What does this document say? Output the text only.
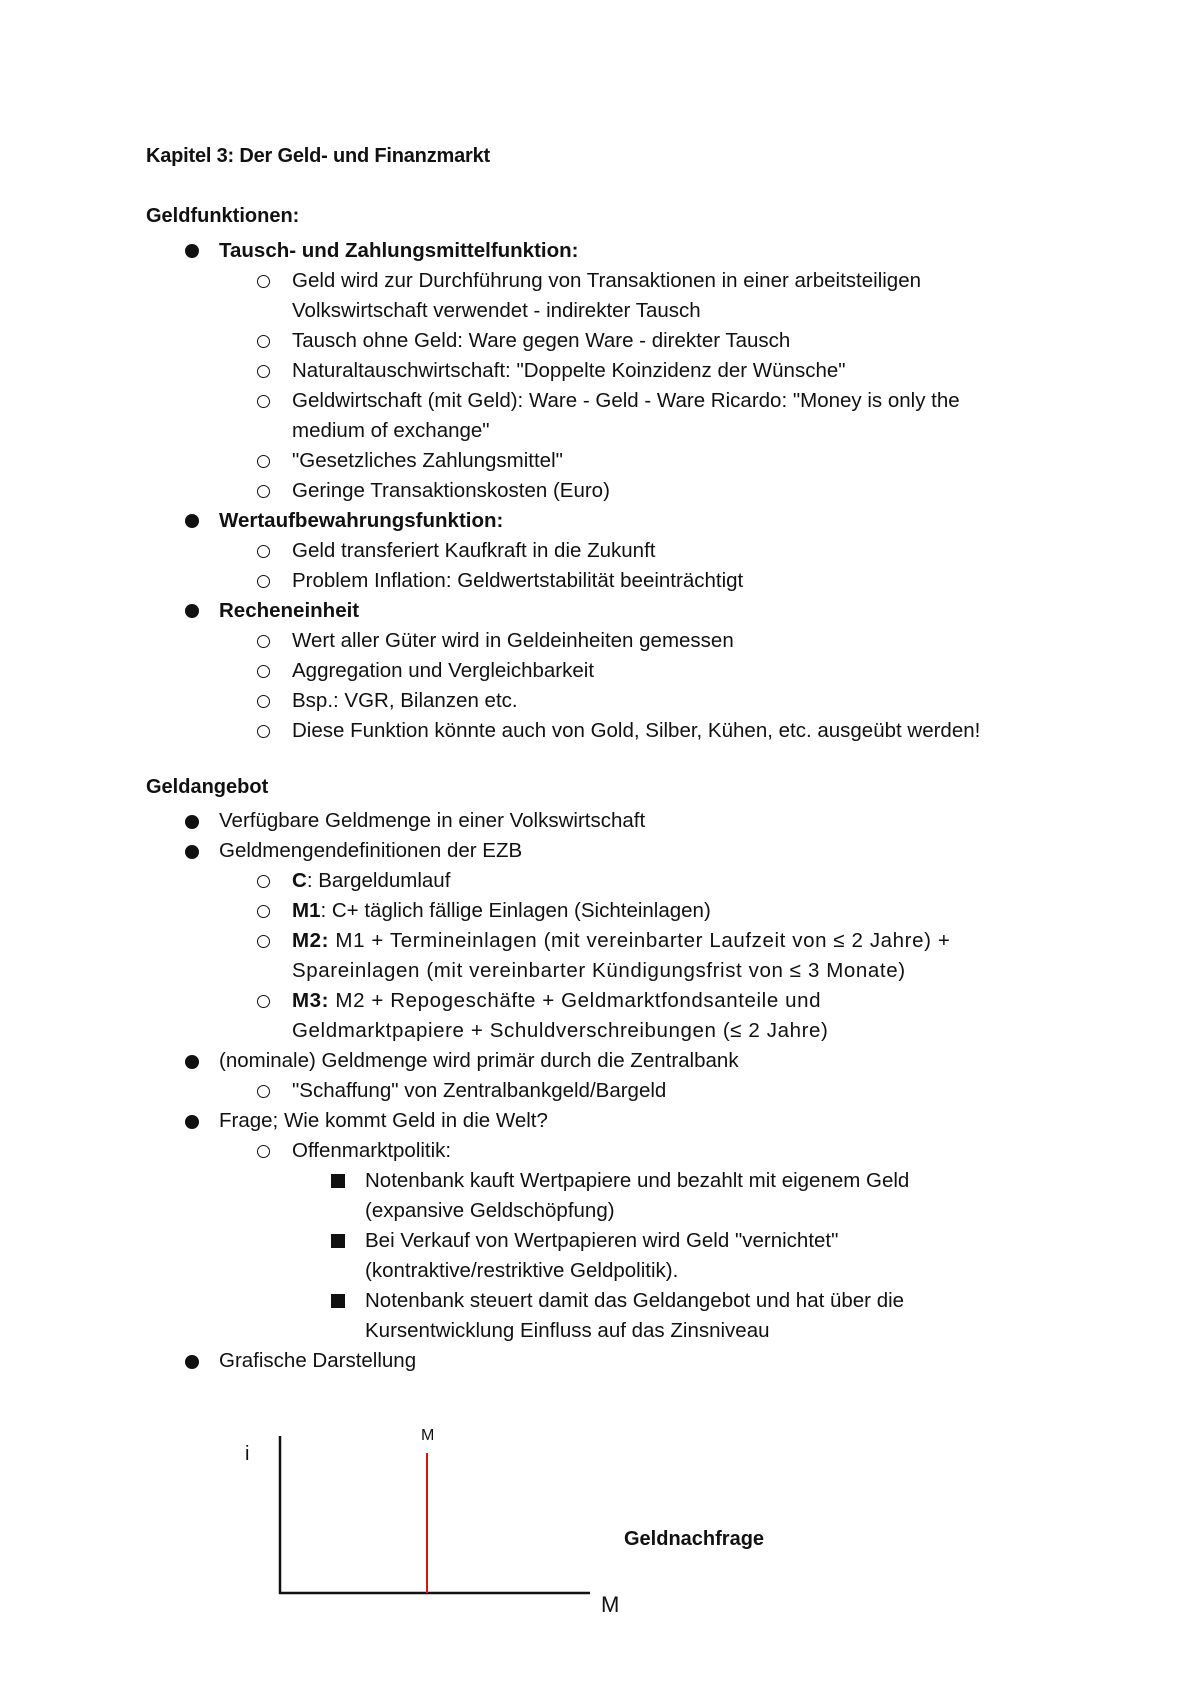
Kapitel 3: Der Geld- und Finanzmarkt
Geldfunktionen:
Tausch- und Zahlungsmittelfunktion:
Geld wird zur Durchführung von Transaktionen in einer arbeitsteiligen
Volkswirtschaft verwendet - indirekter Tausch
Tausch ohne Geld: Ware gegen Ware - direkter Tausch
Naturaltauschwirtschaft: "Doppelte Koinzidenz der Wünsche"
Geldwirtschaft (mit Geld): Ware - Geld - Ware Ricardo: "Money is only the
medium of exchange"
"Gesetzliches Zahlungsmittel"
Geringe Transaktionskosten (Euro)
Wertaufbewahrungsfunktion:
Geld transferiert Kaufkraft in die Zukunft
Problem Inflation: Geldwertstabilität beeinträchtigt
Recheneinheit
Wert aller Güter wird in Geldeinheiten gemessen
Aggregation und Vergleichbarkeit
Bsp.: VGR, Bilanzen etc.
Diese Funktion könnte auch von Gold, Silber, Kühen, etc. ausgeübt werden!
Geldangebot
Verfügbare Geldmenge in einer Volkswirtschaft
Geldmengendefinitionen der EZB
C: Bargeldumlauf
M1: C+ täglich fällige Einlagen (Sichteinlagen)
M2: M1 + Termineinlagen (mit vereinbarter Laufzeit von ≤ 2 Jahre) +
Spareinlagen (mit vereinbarter Kündigungsfrist von ≤ 3 Monate)
M3: M2 + Repogeschäfte + Geldmarktfondsanteile und
Geldmarktpapiere + Schuldverschreibungen (≤ 2 Jahre)
(nominale) Geldmenge wird primär durch die Zentralbank
"Schaffung" von Zentralbankgeld/Bargeld
Frage; Wie kommt Geld in die Welt?
Offenmarktpolitik:
Notenbank kauft Wertpapiere und bezahlt mit eigenem Geld
(expansive Geldschöpfung)
Bei Verkauf von Wertpapieren wird Geld "vernichtet"
(kontraktive/restriktive Geldpolitik).
Notenbank steuert damit das Geldangebot und hat über die
Kursentwicklung Einfluss auf das Zinsniveau
Grafische Darstellung
i
M
M
Geldnachfrage
